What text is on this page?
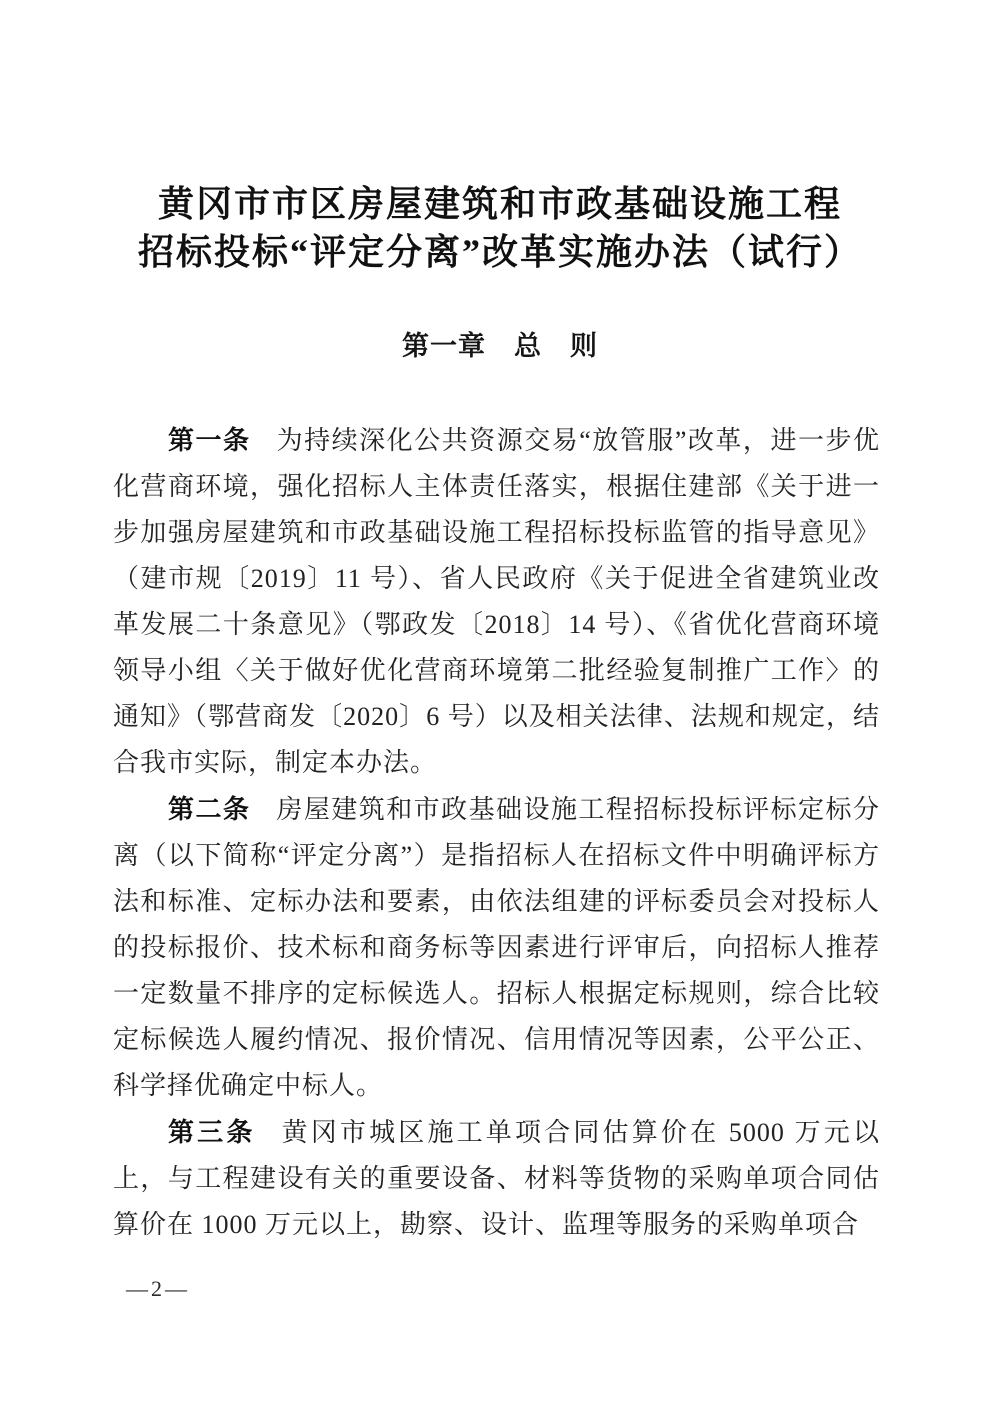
黄冈市市区房屋建筑和市政基础设施工程
招标投标“评定分离”改革实施办法（试行）
第一章　总　则

第一条 为持续深化公共资源交易“放管服”改革，进一步优化营商环境，强化招标人主体责任落实，根据住建部《关于进一步加强房屋建筑和市政基础设施工程招标投标监管的指导意见》（建市规〔2019〕11 号）、省人民政府《关于促进全省建筑业改革发展二十条意见》（鄂政发〔2018〕14 号）、《省优化营商环境领导小组〈关于做好优化营商环境第二批经验复制推广工作〉的通知》（鄂营商发〔2020〕6 号）以及相关法律、法规和规定，结合我市实际，制定本办法。

第二条 房屋建筑和市政基础设施工程招标投标评标定标分离（以下简称“评定分离”）是指招标人在招标文件中明确评标方法和标准、定标办法和要素，由依法组建的评标委员会对投标人的投标报价、技术标和商务标等因素进行评审后，向招标人推荐一定数量不排序的定标候选人。招标人根据定标规则，综合比较定标候选人履约情况、报价情况、信用情况等因素，公平公正、科学择优确定中标人。

第三条 黄冈市城区施工单项合同估算价在 5000 万元以上，与工程建设有关的重要设备、材料等货物的采购单项合同估算价在 1000 万元以上，勘察、设计、监理等服务的采购单项合

—2—
